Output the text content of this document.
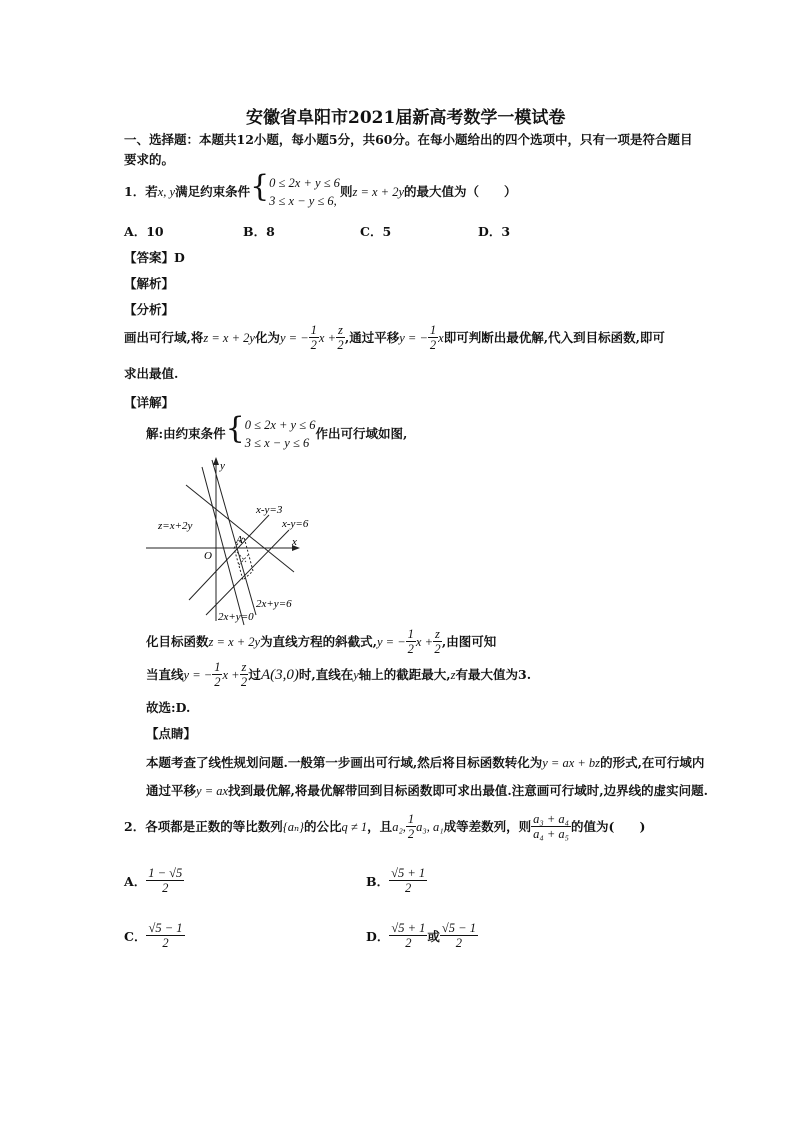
安徽省阜阳市2021届新高考数学一模试卷
一、选择题：本题共12小题，每小题5分，共60分。在每小题给出的四个选项中，只有一项是符合题目
要求的。
1．若x, y满足约束条件{ 0 ≤ 2x + y ≤ 6
3 ≤ x − y ≤ 6,
则z = x + 2y的最大值为（　　）
A．10	B．8	C．5	D．3
【答案】D
【解析】
【分析】
画出可行域,将z = x + 2y化为y = − $\frac{1}{2}$ $x + \frac{z}{2}$ ,通过平移y = − $\frac{1}{2}$ x即可判断出最优解,代入到目标函数,即可
求出最值.
【详解】
解:由约束条件{ 0 ≤ 2x + y ≤ 6
3 ≤ x − y ≤ 6
作出可行域如图,
y
x
O
A
z=x+2y
x-y=3
x-y=6
2x+y=6
2x+y=0
化目标函数z = x + 2y为直线方程的斜截式,y = − $\frac{1}{2}$ $x + \frac{z}{2}$ ,由图可知
当直线y = − $\frac{1}{2}$ $x + \frac{z}{2}$ 过A(3,0)时,直线在y轴上的截距最大,z有最大值为3.
故选:D.
【点睛】
本题考查了线性规划问题.一般第一步画出可行域,然后将目标函数转化为y = ax + bz的形式,在可行域内
通过平移y = ax找到最优解,将最优解带回到目标函数即可求出最值.注意画可行域时,边界线的虚实问题.
2．各项都是正数的等比数列{aₙ}的公比q ≠ 1，且a₂, $\frac{1}{2} a_3$, a₁成等差数列，则 $\frac{\text{a₃ + a₄}}{\text{a₄ + a₅}}$ 的值为(　　)
A． $\frac{1 - √5}{2}$	B． $\frac{√5 + 1}{2}$
C． $\frac{√5 - 1}{2}$	D． $\frac{√5 + 1}{2}$ 或 $\frac{√5 - 1}{2}$
